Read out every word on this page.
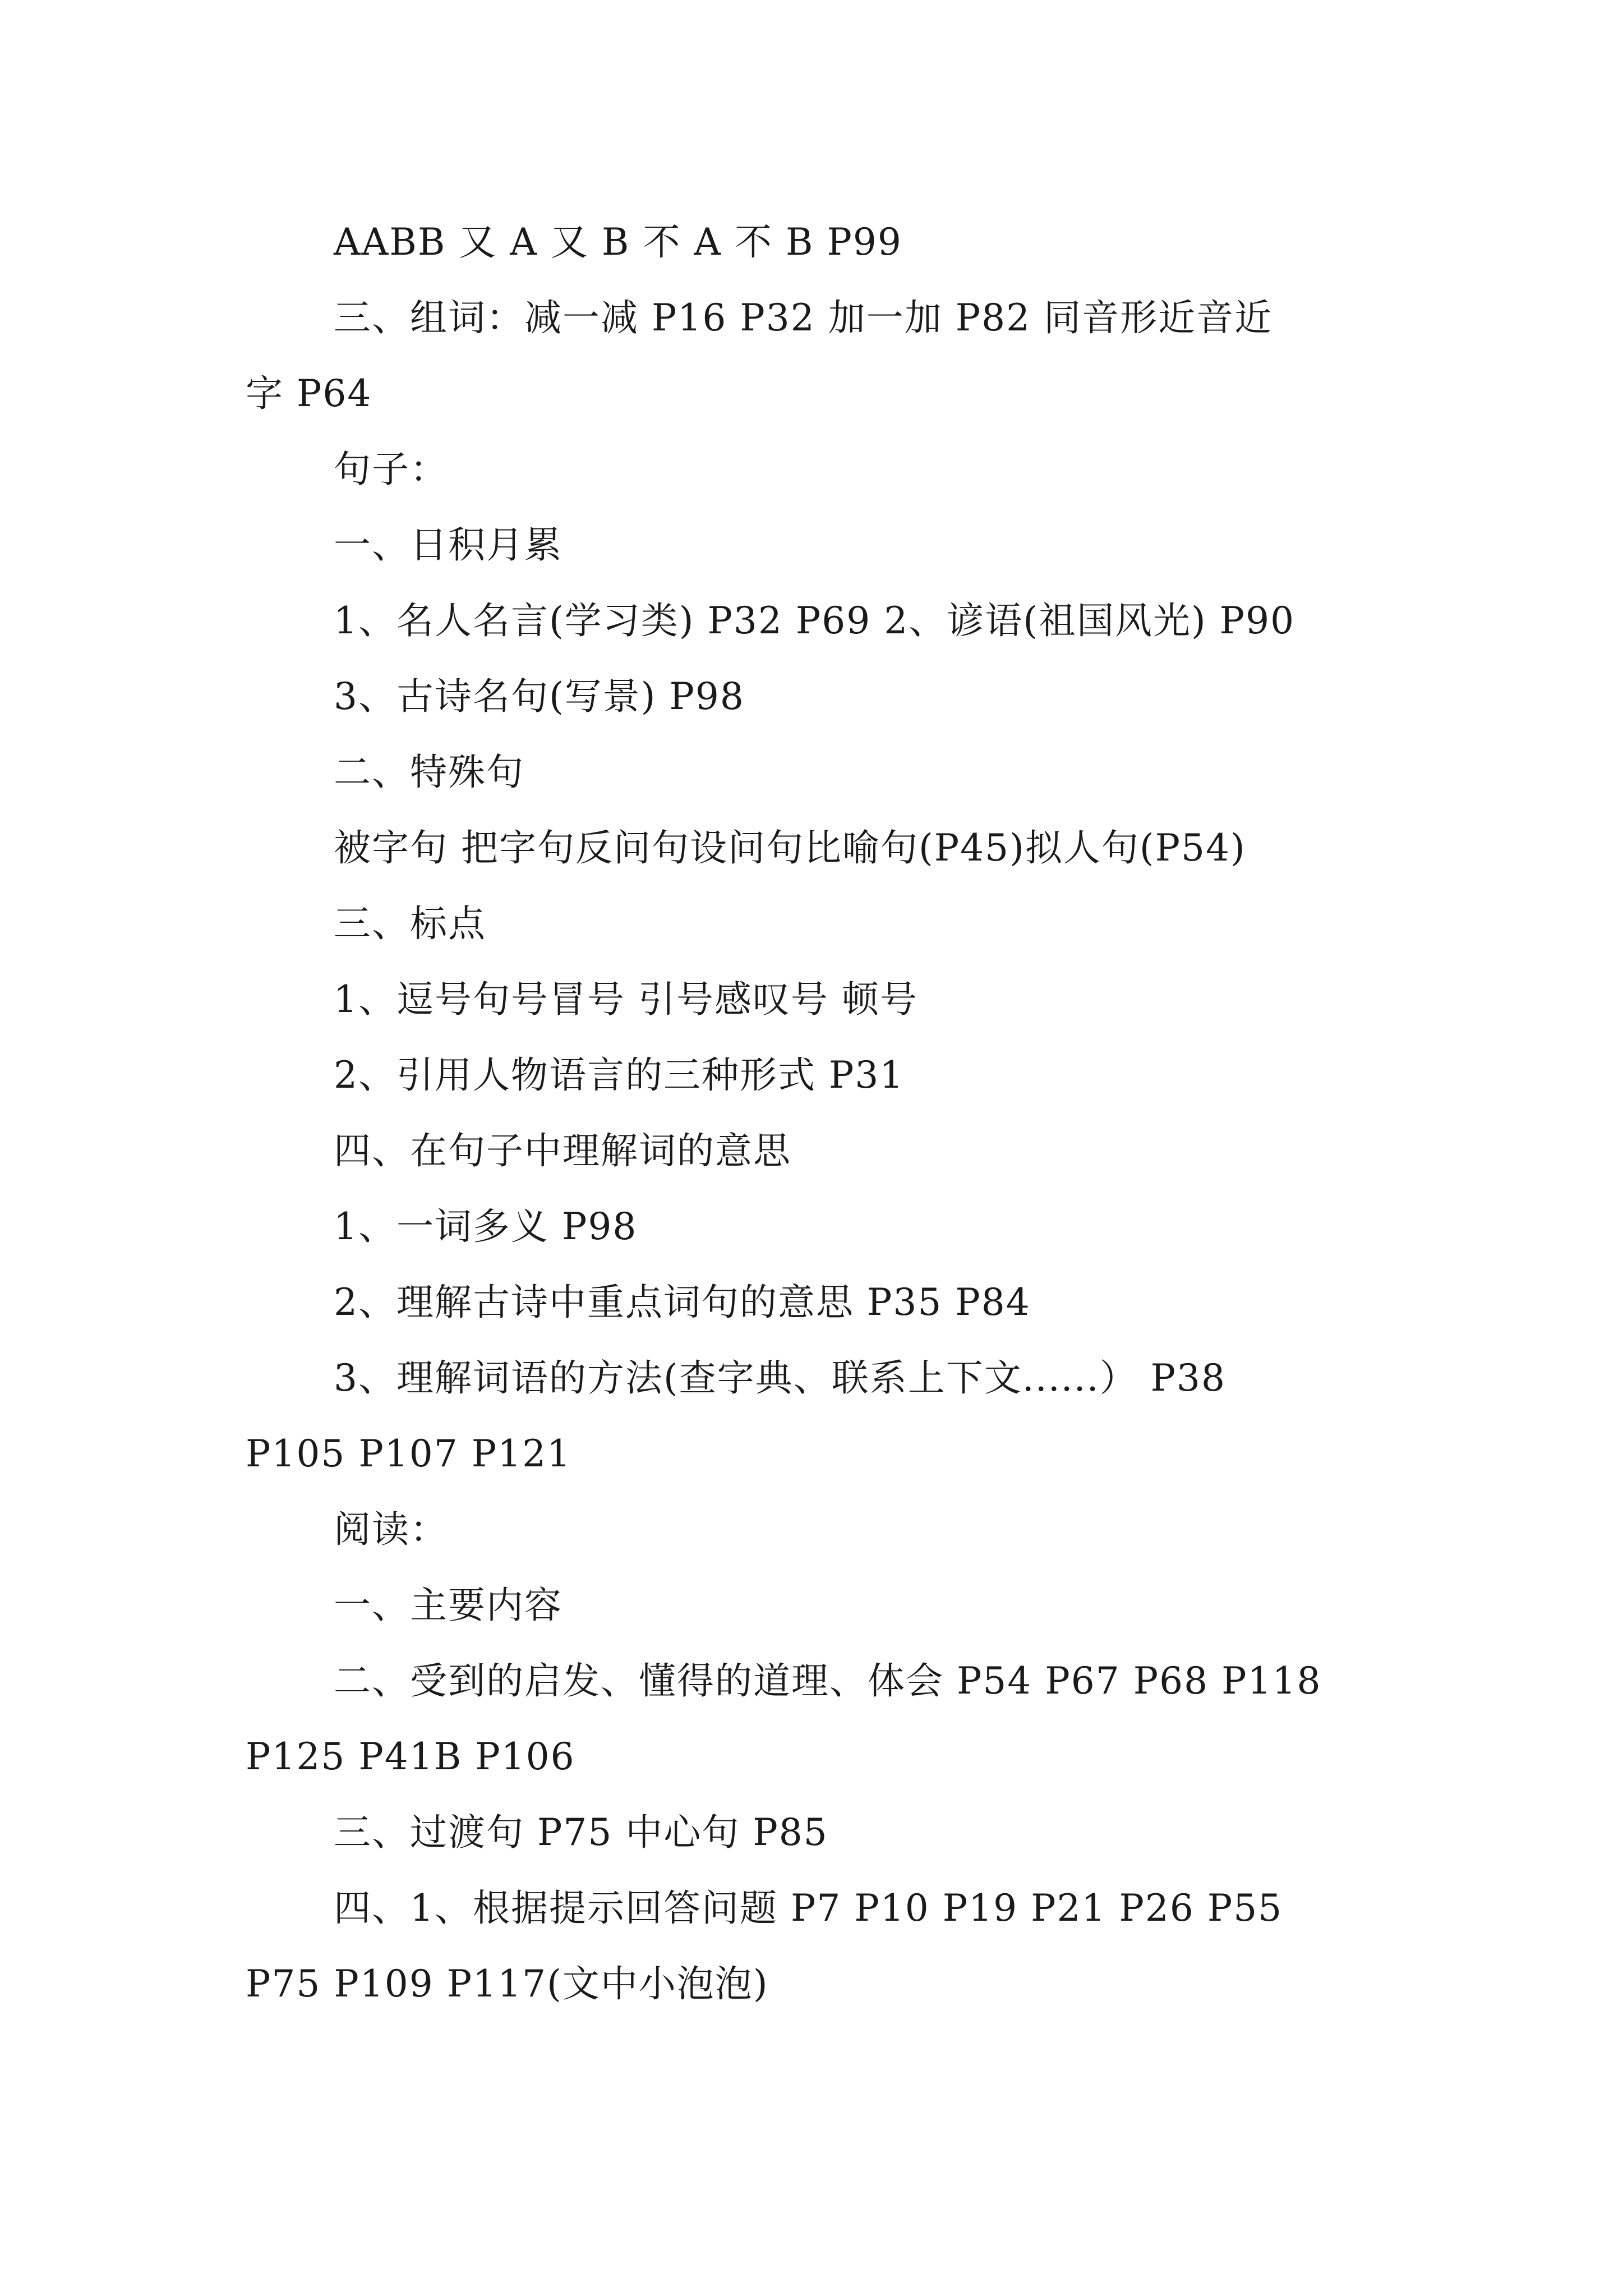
AABB 又 A 又 B 不 A 不 B P99
三、组词：减一减 P16 P32 加一加 P82 同音形近音近
字 P64
句子：
一、日积月累
1、名人名言(学习类) P32 P69 2、谚语(祖国风光) P90
3、古诗名句(写景) P98
二、特殊句
被字句 把字句反问句设问句比喻句(P45)拟人句(P54)
三、标点
1、逗号句号冒号 引号感叹号 顿号
2、引用人物语言的三种形式 P31
四、在句子中理解词的意思
1、一词多义 P98
2、理解古诗中重点词句的意思 P35 P84
3、理解词语的方法(查字典、联系上下文......） P38
P105 P107 P121
阅读：
一、主要内容
二、受到的启发、懂得的道理、体会 P54 P67 P68 P118
P125 P41B P106
三、过渡句 P75 中心句 P85
四、1、根据提示回答问题 P7 P10 P19 P21 P26 P55
P75 P109 P117(文中小泡泡)
